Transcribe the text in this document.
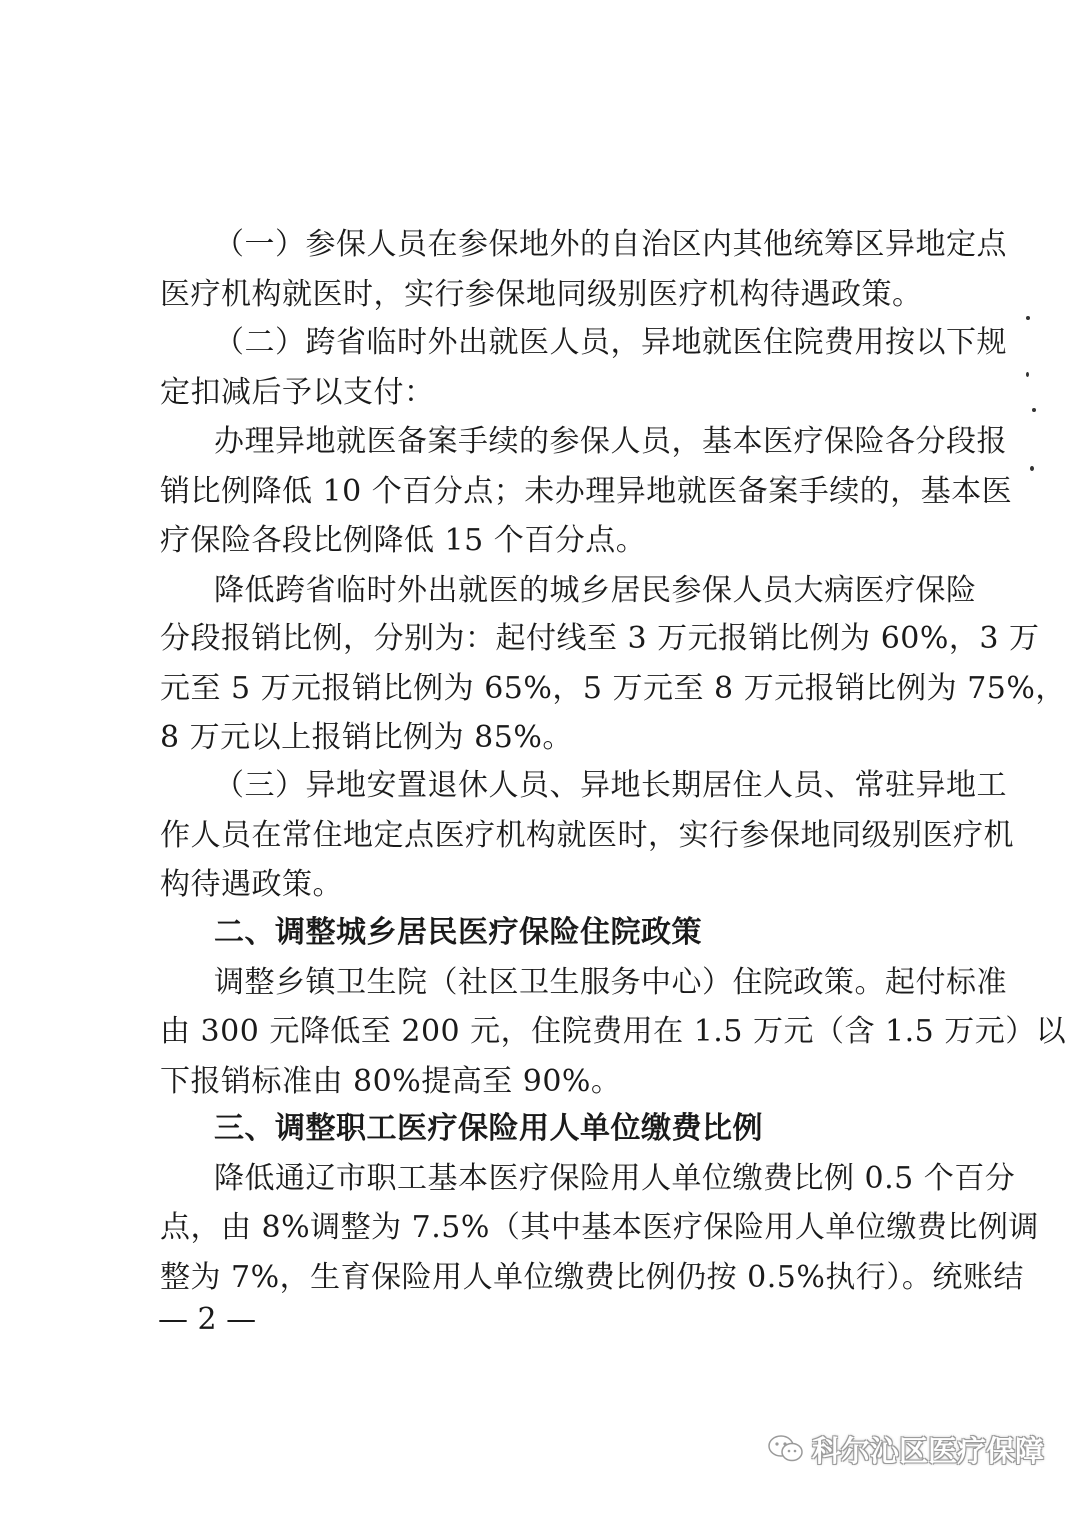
（一）参保人员在参保地外的自治区内其他统筹区异地定点
医疗机构就医时，实行参保地同级别医疗机构待遇政策。
（二）跨省临时外出就医人员，异地就医住院费用按以下规
定扣减后予以支付：
办理异地就医备案手续的参保人员，基本医疗保险各分段报
销比例降低 10 个百分点；未办理异地就医备案手续的，基本医
疗保险各段比例降低 15 个百分点。
降低跨省临时外出就医的城乡居民参保人员大病医疗保险
分段报销比例，分别为：起付线至 3 万元报销比例为 60%，3 万
元至 5 万元报销比例为 65%，5 万元至 8 万元报销比例为 75%，
8 万元以上报销比例为 85%。
（三）异地安置退休人员、异地长期居住人员、常驻异地工
作人员在常住地定点医疗机构就医时，实行参保地同级别医疗机
构待遇政策。
二、调整城乡居民医疗保险住院政策
调整乡镇卫生院（社区卫生服务中心）住院政策。起付标准
由 300 元降低至 200 元，住院费用在 1.5 万元（含 1.5 万元）以
下报销标准由 80%提高至 90%。
三、调整职工医疗保险用人单位缴费比例
降低通辽市职工基本医疗保险用人单位缴费比例 0.5 个百分
点，由 8%调整为 7.5%（其中基本医疗保险用人单位缴费比例调
整为 7%，生育保险用人单位缴费比例仍按 0.5%执行）。统账结
— 2 —
科尔沁区医疗保障
